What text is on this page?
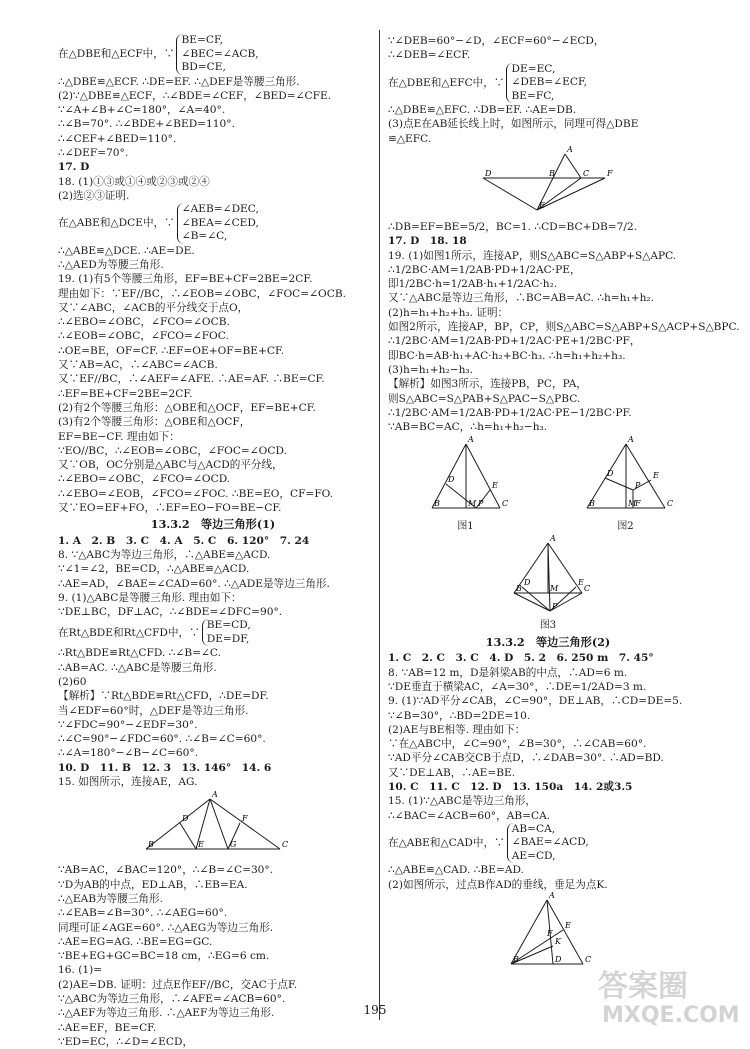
在△DBE和△ECF中，∵
BE=CF,
∠BEC=∠ACB,
BD=CE,
∴△DBE≌△ECF. ∴DE=EF. ∴△DEF是等腰三角形.
(2)∵△DBE≌△ECF，∴∠BDE=∠CEF，∠BED=∠CFE.
∵∠A+∠B+∠C=180°，∠A=40°.
∴∠B=70°. ∴∠BDE+∠BED=110°.
∴∠CEF+∠BED=110°.
∴∠DEF=70°.
17. D
18. (1)①③或①④或②③或②④
(2)选②③证明.
在△ABE和△DCE中，∵
∠AEB=∠DEC,
∠BEA=∠CED,
∠B=∠C,
∴△ABE≌△DCE. ∴AE=DE.
∴△AED为等腰三角形.
19. (1)有5个等腰三角形，EF=BE+CF=2BE=2CF.
理由如下：∵EF//BC，∴∠EOB=∠OBC，∠FOC=∠OCB.
又∵∠ABC，∠ACB的平分线交于点O，
∴∠EBO=∠OBC，∠FCO=∠OCB.
∴∠EOB=∠OBC，∠FCO=∠FOC.
∴OE=BE，OF=CF. ∴EF=OE+OF=BE+CF.
又∵AB=AC，∴∠ABC=∠ACB.
又∵EF//BC，∴∠AEF=∠AFE. ∴AE=AF. ∴BE=CF.
∴EF=BE+CF=2BE=2CF.
(2)有2个等腰三角形：△OBE和△OCF，EF=BE+CF.
(3)有2个等腰三角形：△OBE和△OCF，
EF=BE−CF. 理由如下：
∵EO//BC，∴∠EOB=∠OBC，∠FOC=∠OCD.
又∵OB，OC分别是△ABC与△ACD的平分线，
∴∠EBO=∠OBC，∠FCO=∠OCD.
∴∠EBO=∠EOB，∠FCO=∠FOC. ∴BE=EO，CF=FO.
又∵EO=EF+FO，∴EF=EO−FO=BE−CF.
13.3.2　等边三角形(1)
1. A　2. B　3. C　4. A　5. C　6. 120°　7. 24
8. ∵△ABC为等边三角形，∴△ABE≌△ACD.
∵∠1=∠2，BE=CD，∴△ABE≌△ACD.
∴AE=AD，∠BAE=∠CAD=60°. ∴△ADE是等边三角形.
9. (1)△ABC是等腰三角形. 理由如下：
∵DE⊥BC，DF⊥AC，∴∠BDE=∠DFC=90°.
在Rt△BDE和Rt△CFD中，∵
BE=CD,
DE=DF,
∴Rt△BDE≌Rt△CFD. ∴∠B=∠C.
∴AB=AC. ∴△ABC是等腰三角形.
(2)60
【解析】∵Rt△BDE≌Rt△CFD，∴DE=DF.
当∠EDF=60°时，△DEF是等边三角形.
∵∠FDC=90°−∠EDF=30°.
∴∠C=90°−∠FDC=60°. ∴∠B=∠C=60°.
∴∠A=180°−∠B−∠C=60°.
10. D　11. B　12. 3　13. 146°　14. 6
15. 如图所示，连接AE，AG.
A
B	C
D
E
F
G
∵AB=AC，∠BAC=120°，∴∠B=∠C=30°.
∵D为AB的中点，ED⊥AB，∴EB=EA.
∴△EAB为等腰三角形.
∴∠EAB=∠B=30°. ∴∠AEG=60°.
同理可证∠AGE=60°. ∴△AEG为等边三角形.
∴AE=EG=AG. ∴BE=EG=GC.
∵BE+EG+GC=BC=18 cm，∴EG=6 cm.
16. (1)=
(2)AE=DB. 证明：过点E作EF//BC，交AC于点F.
∵△ABC为等边三角形，∴∠AFE=∠ACB=60°.
∴△AEF为等边三角形. ∴△AEF为等边三角形.
∴AE=EF，BE=CF.
∵ED=EC，∴∠D=∠ECD，
∵∠DEB=60°−∠D，∠ECF=60°−∠ECD，
∴∠DEB=∠ECF.
在△DBE和△EFC中，∵
DE=EC,
∠DEB=∠ECF,
BE=FC,
∴△DBE≌△EFC. ∴DB=EF. ∴AE=DB.
(3)点E在AB延长线上时，如图所示，同理可得△DBE
≌△EFC.
A
B	C
D
E
F
∴DB=EF=BE=5/2，BC=1. ∴CD=BC+DB=7/2.
17. D　18. 18
19. (1)如图1所示，连接AP，则S△ABC=S△ABP+S△APC.
∴1/2BC·AM=1/2AB·PD+1/2AC·PE，
即1/2BC·h=1/2AB·h₁+1/2AC·h₂.
又∵△ABC是等边三角形，∴BC=AB=AC. ∴h=h₁+h₂.
(2)h=h₁+h₂+h₃. 证明：
如图2所示，连接AP，BP，CP，则S△ABC=S△ABP+S△ACP+S△BPC.
∴1/2BC·AM=1/2AB·PD+1/2AC·PE+1/2BC·PF，
即BC·h=AB·h₁+AC·h₂+BC·h₃. ∴h=h₁+h₂+h₃.
(3)h=h₁+h₂−h₃.
【解析】如图3所示，连接PB，PC，PA，
则S△ABC=S△PAB+S△PAC−S△PBC.
∴1/2BC·AM=1/2AB·PD+1/2AC·PE−1/2BC·PF.
∵AB=BC=AC，∴h=h₁+h₂−h₃.
A
B	C
M P
D
E
图1
A
B	C
M
P
D	E
F
图2
A
B	C
M
P
D	E
图3
13.3.2　等边三角形(2)
1. C　2. C　3. C　4. D　5. 2　6. 250 m　7. 45°
8. ∵AB=12 m，D是斜梁AB的中点，∴AD=6 m.
∵DE垂直于横梁AC，∠A=30°，∴DE=1/2AD=3 m.
9. (1)∵AD平分∠CAB，∠C=90°，DE⊥AB，∴CD=DE=5.
∵∠B=30°，∴BD=2DE=10.
(2)AE与BE相等. 理由如下：
∵在△ABC中，∠C=90°，∠B=30°，∴∠CAB=60°.
∵AD平分∠CAB交CB于点D，∴∠DAB=30°. ∴AD=BD.
又∵DE⊥AB，∴AE=BE.
10. C　11. C　12. D　13. 150a　14. 2或3.5
15. (1)∵△ABC是等边三角形，
∴∠BAC=∠ACB=60°，AB=CA.
在△ABE和△CAD中，∵
AB=CA,
∠BAE=∠ACD,
AE=CD,
∴△ABE≌△CAD. ∴BE=AD.
(2)如图所示，过点B作AD的垂线，垂足为点K.
A
B	C
D
E
F
K
195
答案圈
MXQE.COM
